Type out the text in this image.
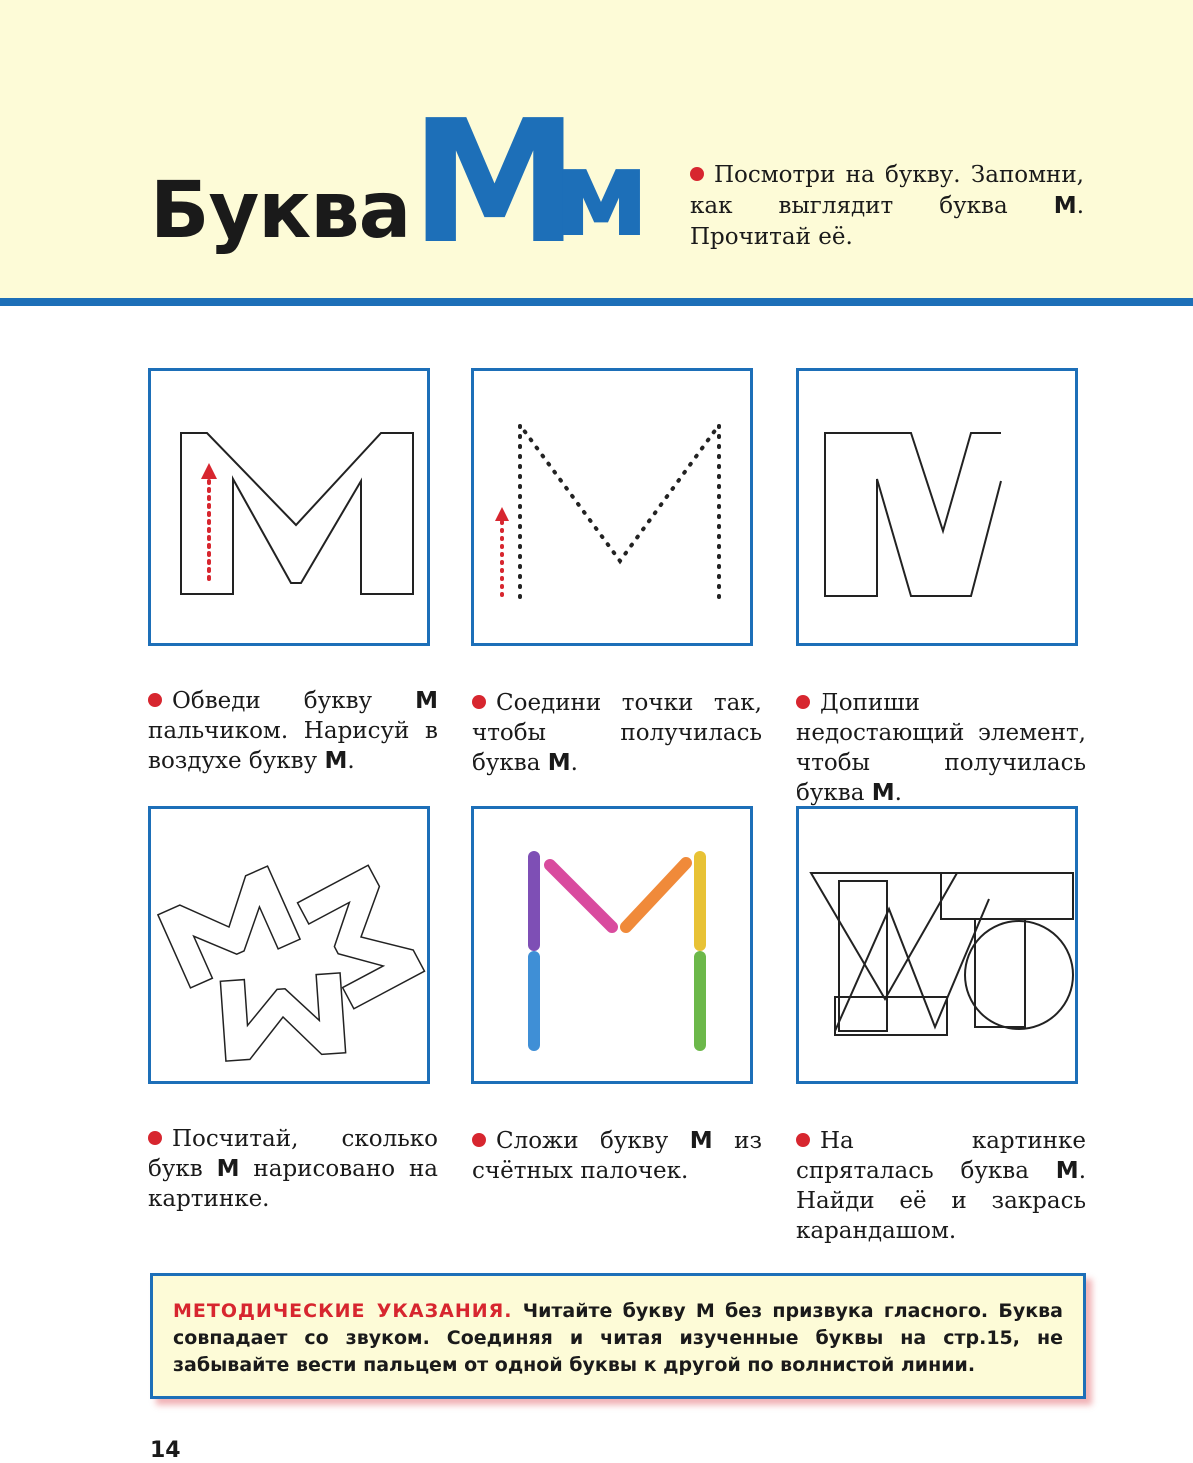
Буква М
м	Посмотри на букву. Запомни, как выглядит буква М. Прочитай её.
Обведи букву М пальчиком. Нарисуй в воздухе букву М.
Соедини точки так, чтобы получилась буква М.
Допиши недостающий элемент, чтобы получилась буква М.
Посчитай, сколько букв М нарисовано на картинке.
Сложи букву М из счётных палочек.
На картинке спряталась буква М. Найди её и закрась карандашом.
МЕТОДИЧЕСКИЕ УКАЗАНИЯ. Читайте букву М без призвука гласного. Буква совпадает со звуком. Соединяя и читая изученные буквы на стр.15, не забывайте вести пальцем от одной буквы к другой по волнистой линии.
14
